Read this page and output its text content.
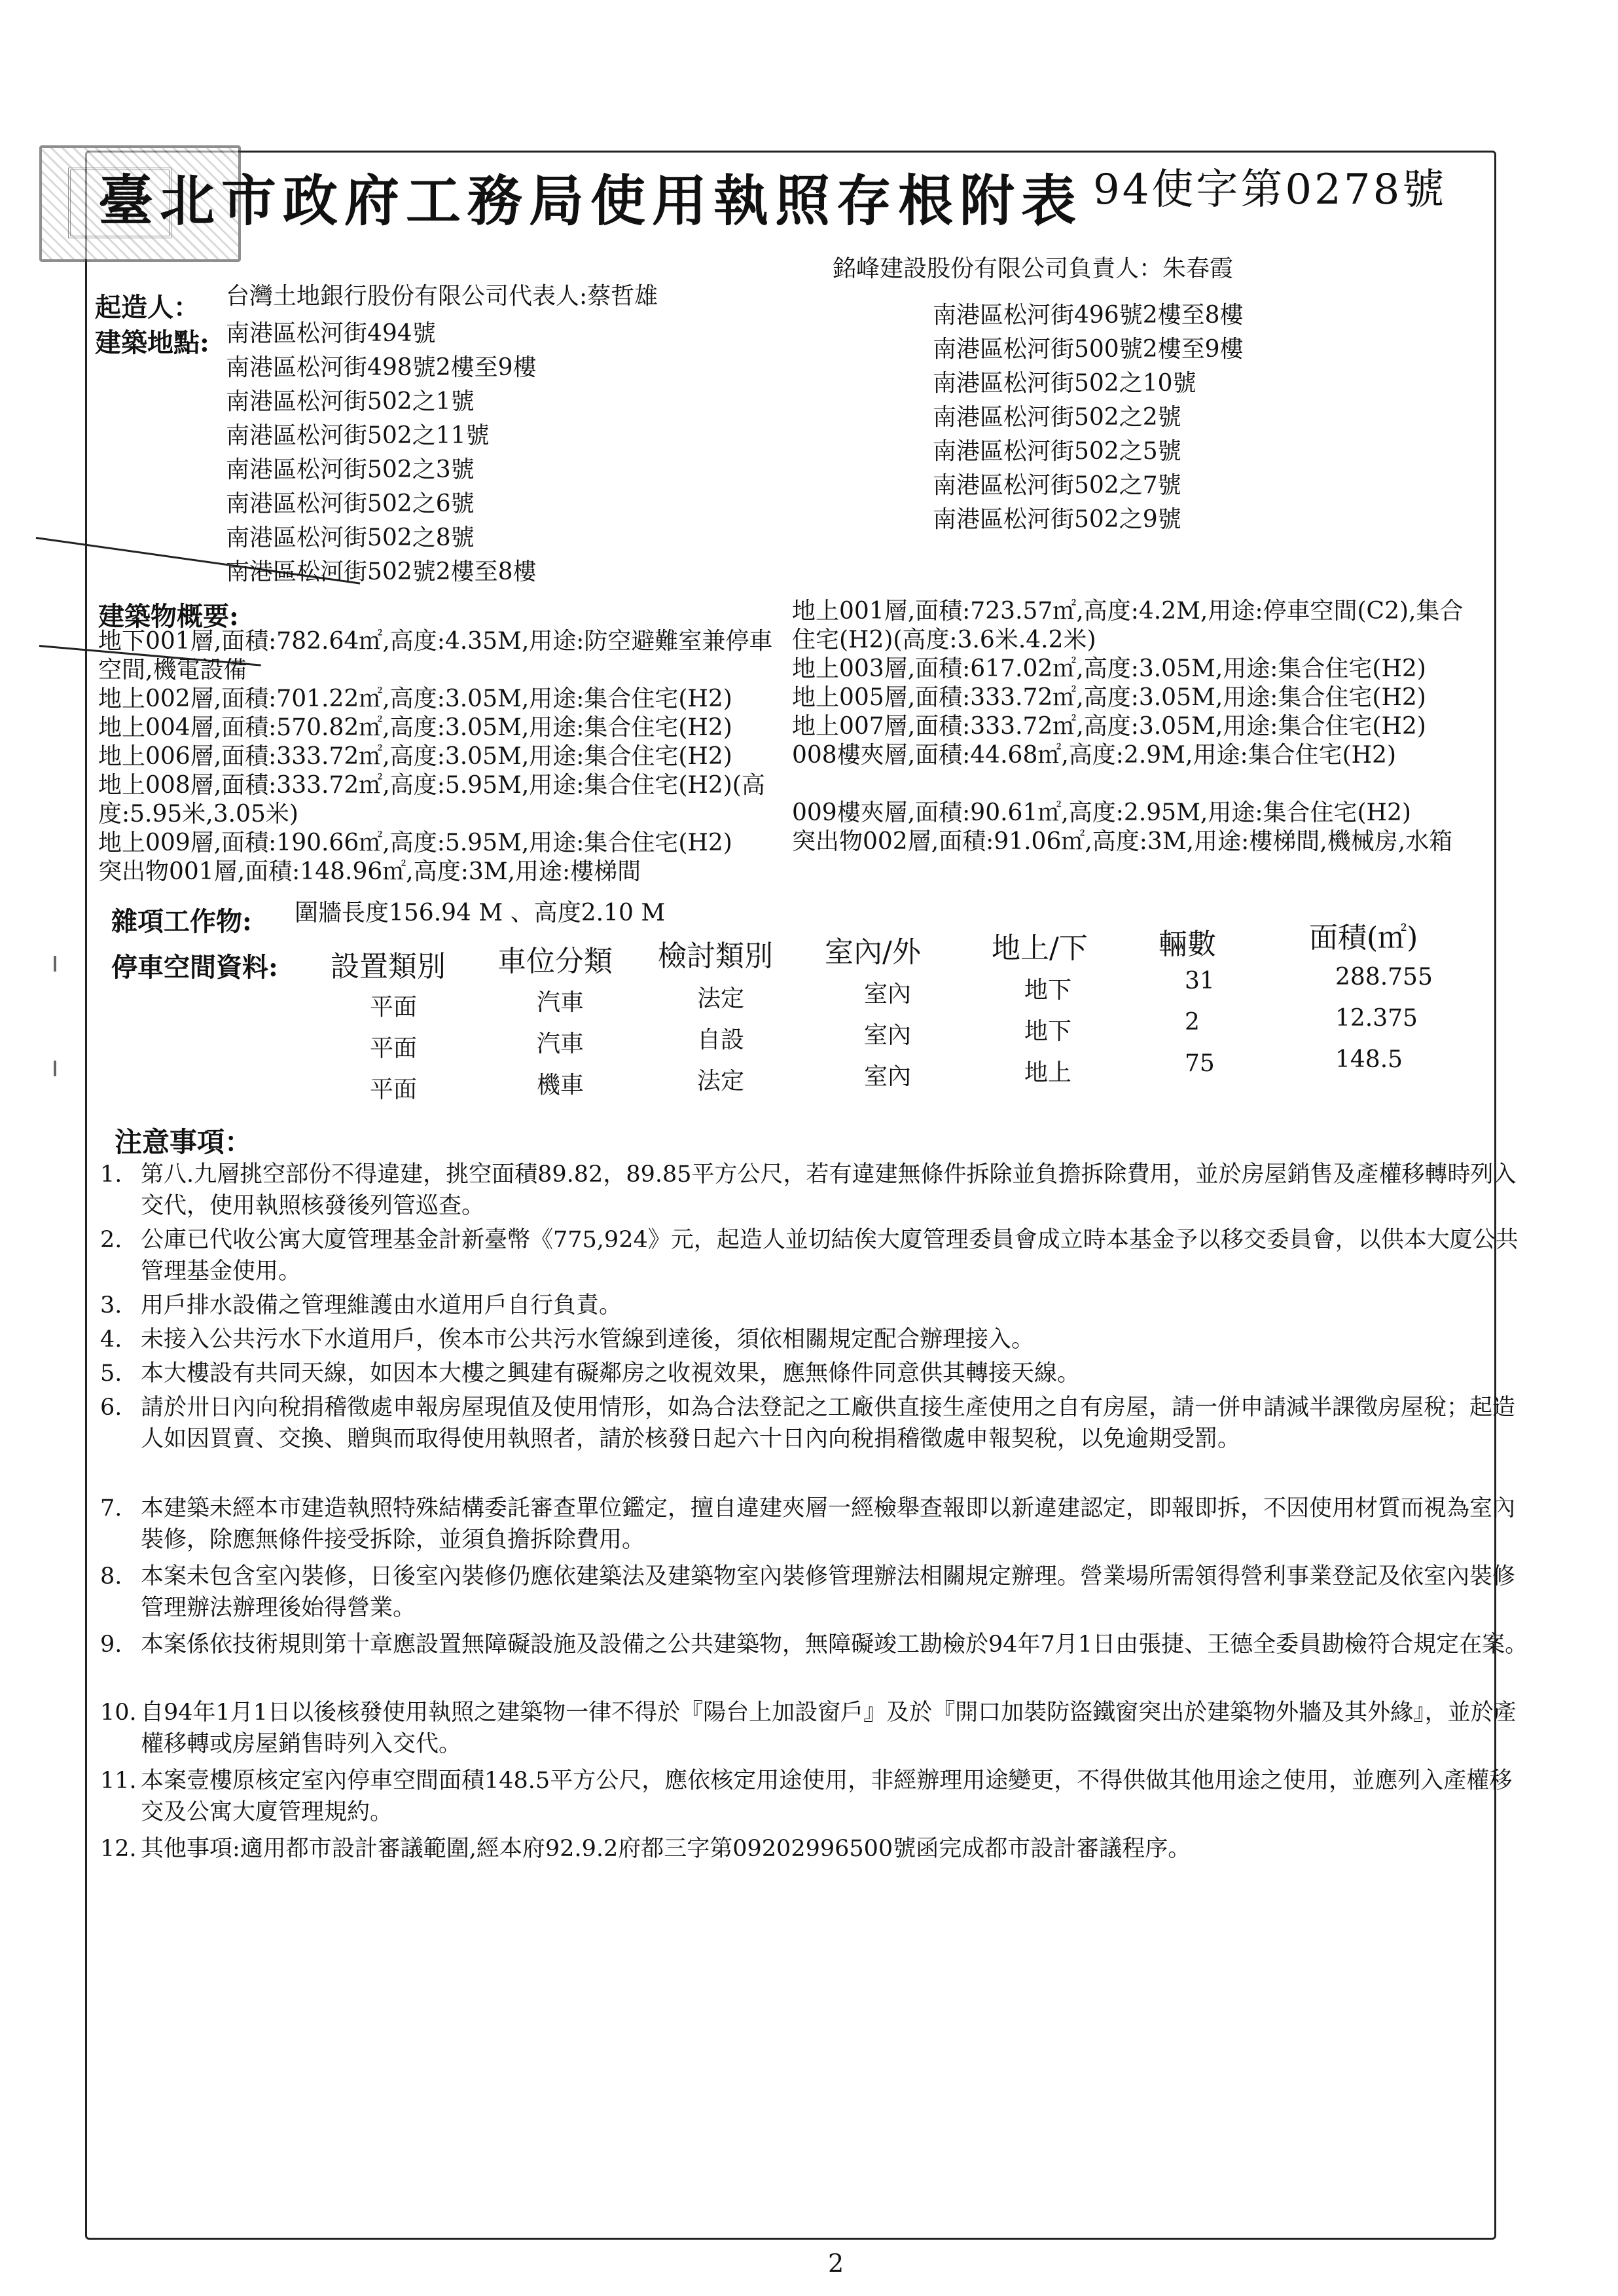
臺北市政府工務局使用執照存根附表 94使字第0278號
起造人： 台灣土地銀行股份有限公司代表人:蔡哲雄
銘峰建設股份有限公司負責人：朱春霞
建築地點: 南港區松河街494號
南港區松河街498號2樓至9樓
南港區松河街502之1號
南港區松河街502之11號
南港區松河街502之3號
南港區松河街502之6號
南港區松河街502之8號
南港區松河街502號2樓至8樓
南港區松河街496號2樓至8樓
南港區松河街500號2樓至9樓
南港區松河街502之10號
南港區松河街502之2號
南港區松河街502之5號
南港區松河街502之7號
南港區松河街502之9號
建築物概要:
地下001層,面積:782.64㎡,高度:4.35M,用途:防空避難室兼停車
空間,機電設備
地上002層,面積:701.22㎡,高度:3.05M,用途:集合住宅(H2)
地上004層,面積:570.82㎡,高度:3.05M,用途:集合住宅(H2)
地上006層,面積:333.72㎡,高度:3.05M,用途:集合住宅(H2)
地上008層,面積:333.72㎡,高度:5.95M,用途:集合住宅(H2)(高
度:5.95米,3.05米)
地上009層,面積:190.66㎡,高度:5.95M,用途:集合住宅(H2)
突出物001層,面積:148.96㎡,高度:3M,用途:樓梯間
地上001層,面積:723.57㎡,高度:4.2M,用途:停車空間(C2),集合
住宅(H2)(高度:3.6米.4.2米)
地上003層,面積:617.02㎡,高度:3.05M,用途:集合住宅(H2)
地上005層,面積:333.72㎡,高度:3.05M,用途:集合住宅(H2)
地上007層,面積:333.72㎡,高度:3.05M,用途:集合住宅(H2)
008樓夾層,面積:44.68㎡,高度:2.9M,用途:集合住宅(H2)
009樓夾層,面積:90.61㎡,高度:2.95M,用途:集合住宅(H2)
突出物002層,面積:91.06㎡,高度:3M,用途:樓梯間,機械房,水箱
雜項工作物: 圍牆長度156.94 M 、高度2.10 M
停車空間資料: 設置類別 車位分類 檢討類別 室內/外 地上/下 輛數	面積(㎡)
平面	汽車	法定	室內	地下	31	288.755
平面	汽車	自設	室內	地下	2	12.375
平面	機車	法定	室內	地上	75	148.5
注意事項：
1. 第八.九層挑空部份不得違建，挑空面積89.82，89.85平方公尺，若有違建無條件拆除並負擔拆除費用，並於房屋銷售及產權移轉時列入交代，使用執照核發後列管巡查。
2. 公庫已代收公寓大廈管理基金計新臺幣《775,924》元，起造人並切結俟大廈管理委員會成立時本基金予以移交委員會，以供本大廈公共管理基金使用。
3. 用戶排水設備之管理維護由水道用戶自行負責。
4. 未接入公共污水下水道用戶，俟本市公共污水管線到達後，須依相關規定配合辦理接入。
5. 本大樓設有共同天線，如因本大樓之興建有礙鄰房之收視效果，應無條件同意供其轉接天線。
6. 請於卅日內向稅捐稽徵處申報房屋現值及使用情形，如為合法登記之工廠供直接生產使用之自有房屋，請一併申請減半課徵房屋稅；起造人如因買賣、交換、贈與而取得使用執照者，請於核發日起六十日內向稅捐稽徵處申報契稅，以免逾期受罰。
7. 本建築未經本市建造執照特殊結構委託審查單位鑑定，擅自違建夾層一經檢舉查報即以新違建認定，即報即拆，不因使用材質而視為室內裝修，除應無條件接受拆除，並須負擔拆除費用。
8. 本案未包含室內裝修，日後室內裝修仍應依建築法及建築物室內裝修管理辦法相關規定辦理。營業場所需領得營利事業登記及依室內裝修管理辦法辦理後始得營業。
9. 本案係依技術規則第十章應設置無障礙設施及設備之公共建築物，無障礙竣工勘檢於94年7月1日由張捷、王德全委員勘檢符合規定在案。
10. 自94年1月1日以後核發使用執照之建築物一律不得於『陽台上加設窗戶』及於『開口加裝防盜鐵窗突出於建築物外牆及其外緣』，並於產權移轉或房屋銷售時列入交代。
11. 本案壹樓原核定室內停車空間面積148.5平方公尺，應依核定用途使用，非經辦理用途變更，不得供做其他用途之使用，並應列入產權移交及公寓大廈管理規約。
12. 其他事項:適用都市設計審議範圍,經本府92.9.2府都三字第09202996500號函完成都市設計審議程序。
2
